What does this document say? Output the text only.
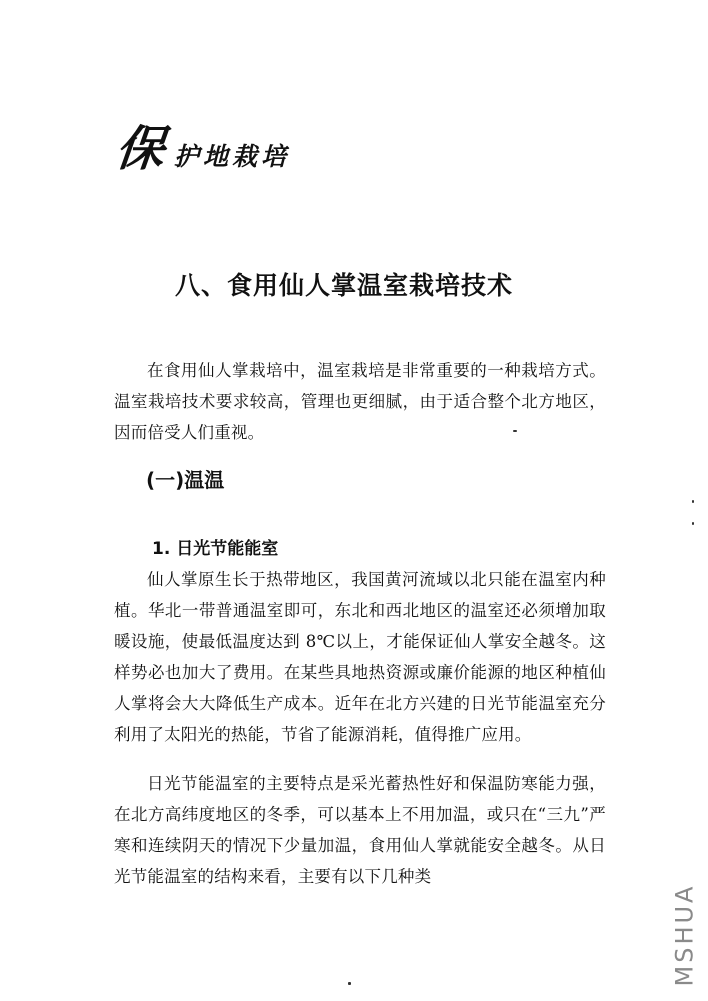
保 护地栽培
八、食用仙人掌温室栽培技术

在食用仙人掌栽培中，温室栽培是非常重要的一种栽培方式。温室栽培技术要求较高，管理也更细腻，由于适合整个北方地区，因而倍受人们重视。

(一)温温
1. 日光节能能室

仙人掌原生长于热带地区，我国黄河流域以北只能在温室内种植。华北一带普通温室即可，东北和西北地区的温室还必须增加取暖设施，使最低温度达到 8℃以上，才能保证仙人掌安全越冬。这样势必也加大了费用。在某些具地热资源或廉价能源的地区种植仙人掌将会大大降低生产成本。近年在北方兴建的日光节能温室充分利用了太阳光的热能，节省了能源消耗，值得推广应用。

日光节能温室的主要特点是采光蓄热性好和保温防寒能力强，在北方高纬度地区的冬季，可以基本上不用加温，或只在“三九”严寒和连续阴天的情况下少量加温，食用仙人掌就能安全越冬。从日光节能温室的结构来看，主要有以下几种类

MSHUA
